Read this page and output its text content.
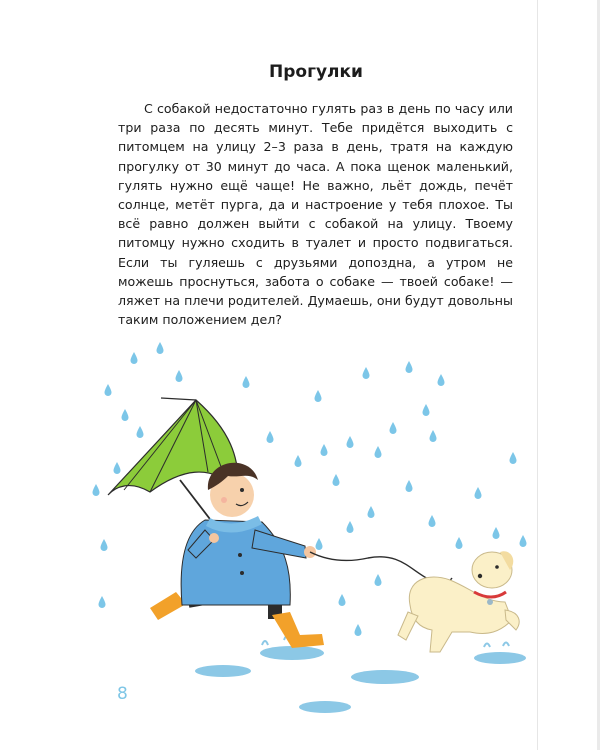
Прогулки

С собакой недостаточно гулять раз в день по часу или три раза по десять минут. Тебе придётся выходить с питомцем на улицу 2–3 раза в день, тратя на каждую прогулку от 30 минут до часа. А пока щенок маленький, гулять нужно ещё чаще! Не важно, льёт дождь, печёт солнце, метёт пурга, да и настроение у тебя плохое. Ты всё равно должен выйти с собакой на улицу. Твоему питомцу нужно сходить в туалет и просто подвигаться. Если ты гуляешь с друзьями допоздна, а утром не можешь проснуться, забота о собаке — твоей собаке! — ляжет на плечи родителей. Думаешь, они будут довольны таким положением дел?

8
